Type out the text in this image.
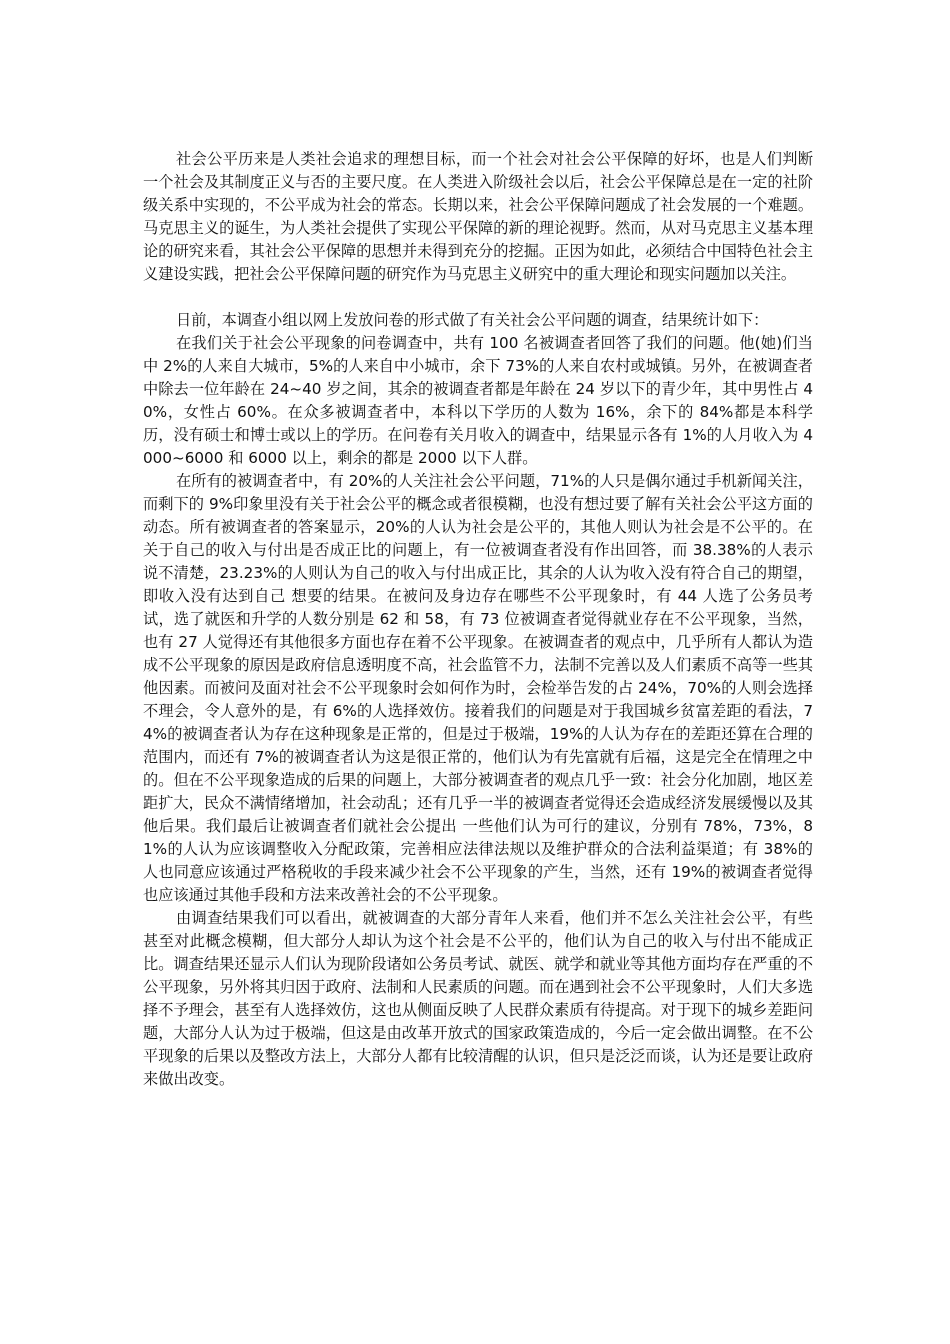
社会公平历来是人类社会追求的理想目标，而一个社会对社会公平保障的好坏，也是人们判断一个社会及其制度正义与否的主要尺度。在人类进入阶级社会以后，社会公平保障总是在一定的社阶级关系中实现的，不公平成为社会的常态。长期以来，社会公平保障问题成了社会发展的一个难题。马克思主义的诞生，为人类社会提供了实现公平保障的新的理论视野。然而，从对马克思主义基本理论的研究来看，其社会公平保障的思想并未得到充分的挖掘。正因为如此，必须结合中国特色社会主义建设实践，把社会公平保障问题的研究作为马克思主义研究中的重大理论和现实问题加以关注。

日前，本调查小组以网上发放问卷的形式做了有关社会公平问题的调查，结果统计如下：

在我们关于社会公平现象的问卷调查中，共有 100 名被调查者回答了我们的问题。他(她)们当中 2%的人来自大城市，5%的人来自中小城市，余下 73%的人来自农村或城镇。另外，在被调查者中除去一位年龄在 24~40 岁之间，其余的被调查者都是年龄在 24 岁以下的青少年，其中男性占 40%，女性占 60%。在众多被调查者中，本科以下学历的人数为 16%，余下的 84%都是本科学历，没有硕士和博士或以上的学历。在问卷有关月收入的调查中，结果显示各有 1%的人月收入为 4000~6000 和 6000 以上，剩余的都是 2000 以下人群。

在所有的被调查者中，有 20%的人关注社会公平问题，71%的人只是偶尔通过手机新闻关注，而剩下的 9%印象里没有关于社会公平的概念或者很模糊，也没有想过要了解有关社会公平这方面的动态。所有被调查者的答案显示，20%的人认为社会是公平的，其他人则认为社会是不公平的。在关于自己的收入与付出是否成正比的问题上，有一位被调查者没有作出回答，而 38.38%的人表示说不清楚，23.23%的人则认为自己的收入与付出成正比，其余的人认为收入没有符合自己的期望，即收入没有达到自己 想要的结果。在被问及身边存在哪些不公平现象时，有 44 人选了公务员考试，选了就医和升学的人数分别是 62 和 58，有 73 位被调查者觉得就业存在不公平现象，当然，也有 27 人觉得还有其他很多方面也存在着不公平现象。在被调查者的观点中，几乎所有人都认为造成不公平现象的原因是政府信息透明度不高，社会监管不力，法制不完善以及人们素质不高等一些其他因素。而被问及面对社会不公平现象时会如何作为时，会检举告发的占 24%，70%的人则会选择不理会，令人意外的是，有 6%的人选择效仿。接着我们的问题是对于我国城乡贫富差距的看法，74%的被调查者认为存在这种现象是正常的，但是过于极端，19%的人认为存在的差距还算在合理的范围内，而还有 7%的被调查者认为这是很正常的，他们认为有先富就有后福，这是完全在情理之中的。但在不公平现象造成的后果的问题上，大部分被调查者的观点几乎一致：社会分化加剧，地区差距扩大，民众不满情绪增加，社会动乱；还有几乎一半的被调查者觉得还会造成经济发展缓慢以及其他后果。我们最后让被调查者们就社会公提出 一些他们认为可行的建议，分别有 78%，73%，81%的人认为应该调整收入分配政策，完善相应法律法规以及维护群众的合法利益渠道；有 38%的人也同意应该通过严格税收的手段来减少社会不公平现象的产生，当然，还有 19%的被调查者觉得也应该通过其他手段和方法来改善社会的不公平现象。

由调查结果我们可以看出，就被调查的大部分青年人来看，他们并不怎么关注社会公平，有些甚至对此概念模糊，但大部分人却认为这个社会是不公平的，他们认为自己的收入与付出不能成正比。调查结果还显示人们认为现阶段诸如公务员考试、就医、就学和就业等其他方面均存在严重的不公平现象，另外将其归因于政府、法制和人民素质的问题。而在遇到社会不公平现象时，人们大多选择不予理会，甚至有人选择效仿，这也从侧面反映了人民群众素质有待提高。对于现下的城乡差距问题，大部分人认为过于极端，但这是由改革开放式的国家政策造成的，今后一定会做出调整。在不公平现象的后果以及整改方法上，大部分人都有比较清醒的认识，但只是泛泛而谈，认为还是要让政府来做出改变。
